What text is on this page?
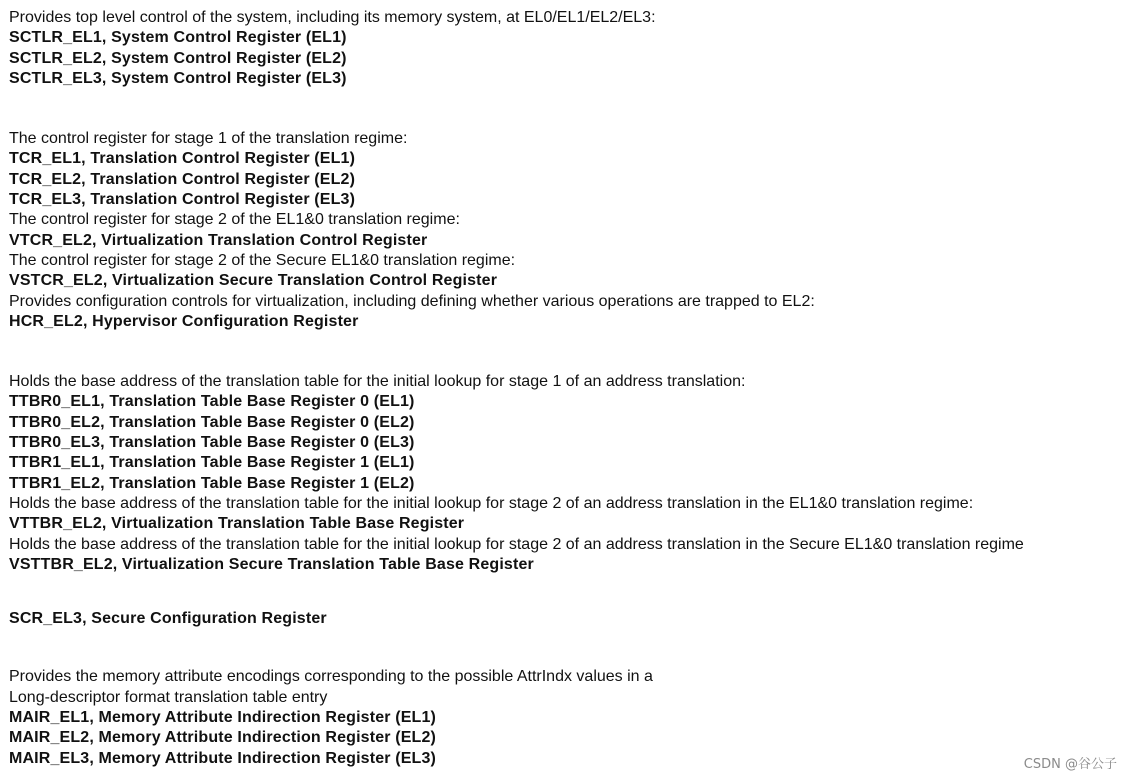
Provides top level control of the system, including its memory system, at EL0/EL1/EL2/EL3:
SCTLR_EL1, System Control Register (EL1)
SCTLR_EL2, System Control Register (EL2)
SCTLR_EL3, System Control Register (EL3)
The control register for stage 1 of the translation regime:
TCR_EL1, Translation Control Register (EL1)
TCR_EL2, Translation Control Register (EL2)
TCR_EL3, Translation Control Register (EL3)
The control register for stage 2 of the EL1&0 translation regime:
VTCR_EL2, Virtualization Translation Control Register
The control register for stage 2 of the Secure EL1&0 translation regime:
VSTCR_EL2, Virtualization Secure Translation Control Register
Provides configuration controls for virtualization, including defining whether various operations are trapped to EL2:
HCR_EL2, Hypervisor Configuration Register
Holds the base address of the translation table for the initial lookup for stage 1 of an address translation:
TTBR0_EL1, Translation Table Base Register 0 (EL1)
TTBR0_EL2, Translation Table Base Register 0 (EL2)
TTBR0_EL3, Translation Table Base Register 0 (EL3)
TTBR1_EL1, Translation Table Base Register 1 (EL1)
TTBR1_EL2, Translation Table Base Register 1 (EL2)
Holds the base address of the translation table for the initial lookup for stage 2 of an address translation in the EL1&0 translation regime:
VTTBR_EL2, Virtualization Translation Table Base Register
Holds the base address of the translation table for the initial lookup for stage 2 of an address translation in the Secure EL1&0 translation regime
VSTTBR_EL2, Virtualization Secure Translation Table Base Register
SCR_EL3, Secure Configuration Register
Provides the memory attribute encodings corresponding to the possible AttrIndx values in a
Long-descriptor format translation table entry
MAIR_EL1, Memory Attribute Indirection Register (EL1)
MAIR_EL2, Memory Attribute Indirection Register (EL2)
MAIR_EL3, Memory Attribute Indirection Register (EL3)	CSDN @谷公子
